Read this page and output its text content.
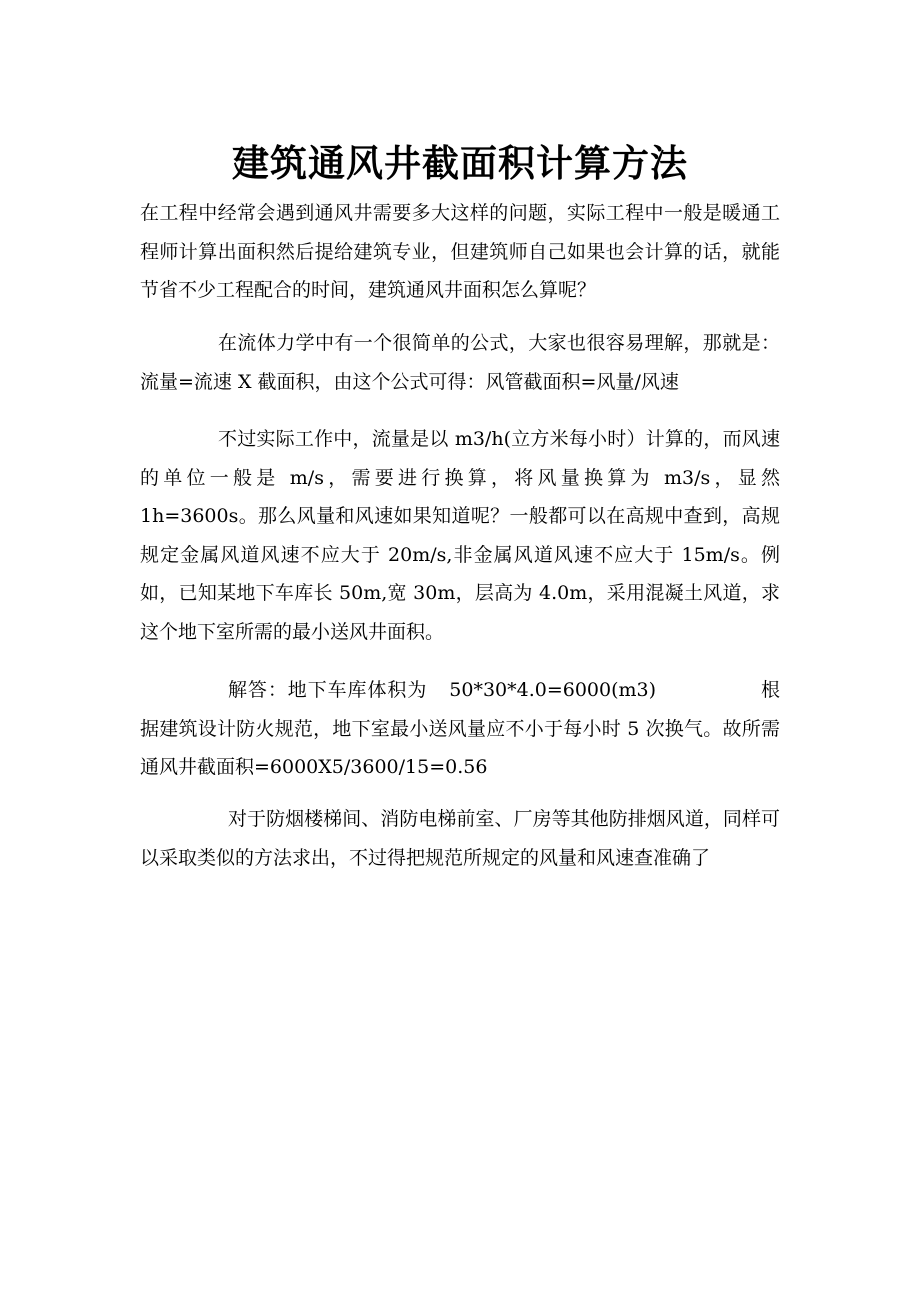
建筑通风井截面积计算方法

在工程中经常会遇到通风井需要多大这样的问题，实际工程中一般是暖通工程师计算出面积然后提给建筑专业，但建筑师自己如果也会计算的话，就能节省不少工程配合的时间，建筑通风井面积怎么算呢？

在流体力学中有一个很简单的公式，大家也很容易理解，那就是：流量=流速 X 截面积，由这个公式可得：风管截面积=风量/风速

不过实际工作中，流量是以 m3/h(立方米每小时）计算的，而风速的单位一般是 m/s，需要进行换算，将风量换算为 m3/s，显然 1h=3600s。那么风量和风速如果知道呢？一般都可以在高规中查到，高规规定金属风道风速不应大于 20m/s,非金属风道风速不应大于 15m/s。例如，已知某地下车库长 50m,宽 30m，层高为 4.0m，采用混凝土风道，求这个地下室所需的最小送风井面积。

解答：地下车库体积为 50*30*4.0=6000(m3)	根据建筑设计防火规范，地下室最小送风量应不小于每小时 5 次换气。故所需通风井截面积=6000X5/3600/15=0.56

对于防烟楼梯间、消防电梯前室、厂房等其他防排烟风道，同样可以采取类似的方法求出，不过得把规范所规定的风量和风速查准确了
